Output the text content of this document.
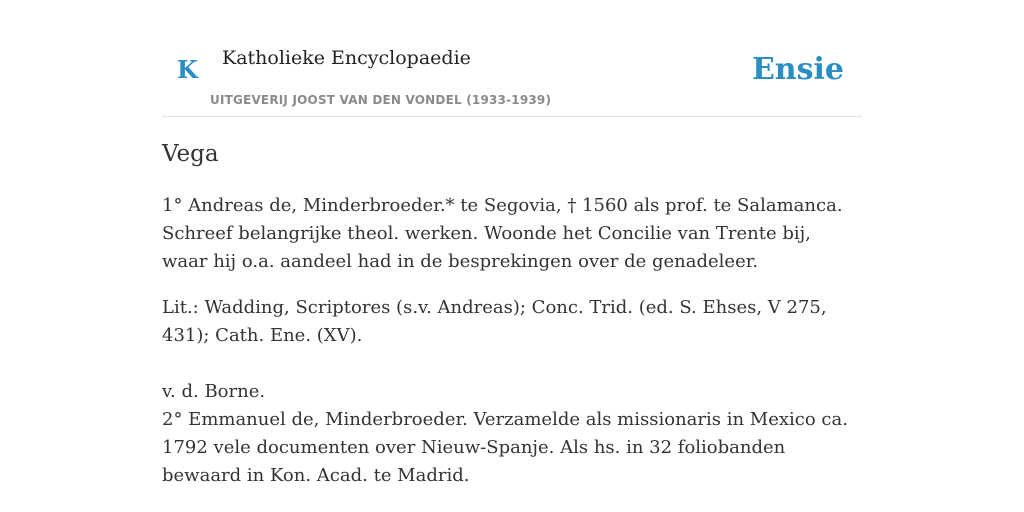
K Katholieke Encyclopaedie
UITGEVERIJ JOOST VAN DEN VONDEL (1933-1939)
Ensie
Vega

1° Andreas de, Minderbroeder.* te Segovia, † 1560 als prof. te Salamanca. Schreef belangrijke theol. werken. Woonde het Concilie van Trente bij, waar hij o.a. aandeel had in de besprekingen over de genadeleer.

Lit.: Wadding, Scriptores (s.v. Andreas); Conc. Trid. (ed. S. Ehses, V 275, 431); Cath. Ene. (XV).

v. d. Borne.

2° Emmanuel de, Minderbroeder. Verzamelde als missionaris in Mexico ca. 1792 vele documenten over Nieuw-Spanje. Als hs. in 32 foliobanden bewaard in Kon. Acad. te Madrid.
